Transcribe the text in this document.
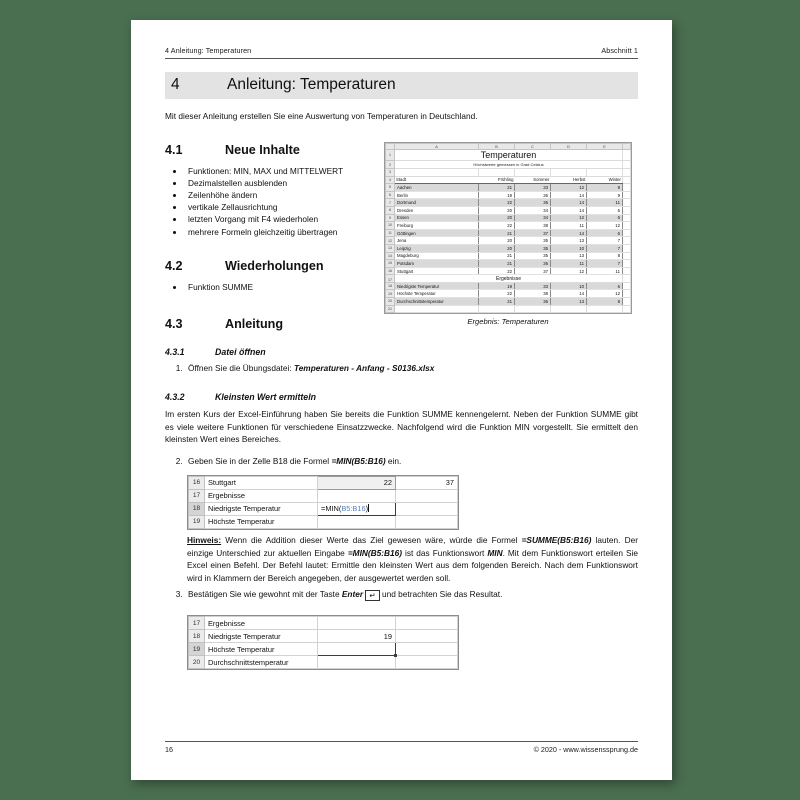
4 Anleitung: Temperaturen	Abschnitt 1
4	Anleitung: Temperaturen
Mit dieser Anleitung erstellen Sie eine Auswertung von Temperaturen in Deutschland.
4.1	Neue Inhalte
• Funktionen: MIN, MAX und MITTELWERT
• Dezimalstellen ausblenden
• Zeilenhöhe ändern
• vertikale Zellausrichtung
• letzten Vorgang mit F4 wiederholen
• mehrere Formeln gleichzeitig übertragen
4.2	Wiederholungen
• Funktion SUMME
4.3	Anleitung
4.3.1	Datei öffnen
1. Öffnen Sie die Übungsdatei: Temperaturen - Anfang - S0136.xlsx
4.3.2	Kleinsten Wert ermitteln
Im ersten Kurs der Excel-Einführung haben Sie bereits die Funktion SUMME kennengelernt. Neben der Funktion SUMME gibt es viele weitere Funktionen für verschiedene Einsatzzwecke. Nachfolgend wird die Funktion MIN vorgestellt. Sie ermittelt den kleinsten Wert eines Bereiches.
2. Geben Sie in der Zelle B18 die Formel =MIN(B5:B16) ein.
16	Stuttgart	22	37
17	Ergebnisse		
18	Niedrigste Temperatur	=MIN(B5:B16)	
19	Höchste Temperatur		
Hinweis: Wenn die Addition dieser Werte das Ziel gewesen wäre, würde die Formel =SUMME(B5:B16) lauten. Der einzige Unterschied zur aktuellen Eingabe =MIN(B5:B16) ist das Funktionswort MIN. Mit dem Funktionswort erteilen Sie Excel einen Befehl. Der Befehl lautet: Ermittle den kleinsten Wert aus dem folgenden Bereich. Nach dem Funktionswort wird in Klammern der Bereich angegeben, der ausgewertet werden soll.
3. Bestätigen Sie wie gewohnt mit der Taste Enter ↵ und betrachten Sie das Resultat.
17	Ergebnisse		
18	Niedrigste Temperatur	19	
19	Höchste Temperatur		
20	Durchschnittstemperatur		
	A	B	C	D	E	
1	Temperaturen					
2	Höchstwerte gemessen in Grad Celsius					
3						
4	Stadt	Frühling	Sommer	Herbst	Winter	
5	Aachen	21	33	12	9	
6	Berlin	19	36	14	9	
7	Dortmund	22	36	14	11	
8	Dresden	20	34	14	6	
9	Essen	20	34	12	6	
10	Freiburg	22	38	11	12	
11	Göttingen	21	37	14	6	
12	Jena	20	35	13	7	
13	Leipzig	20	35	10	7	
14	Magdeburg	21	35	13	8	
15	Potsdam	21	36	11	7	
16	Stuttgart	22	37	12	11	
17	Ergebnisse					
18	Niedrigste Temperatur	19	33	10	6	
19	Höchste Temperatur	22	38	14	12	
20	Durchschnittstemperatur	21	36	13	8	
21						
Ergebnis: Temperaturen
16	© 2020 - www.wissenssprung.de
